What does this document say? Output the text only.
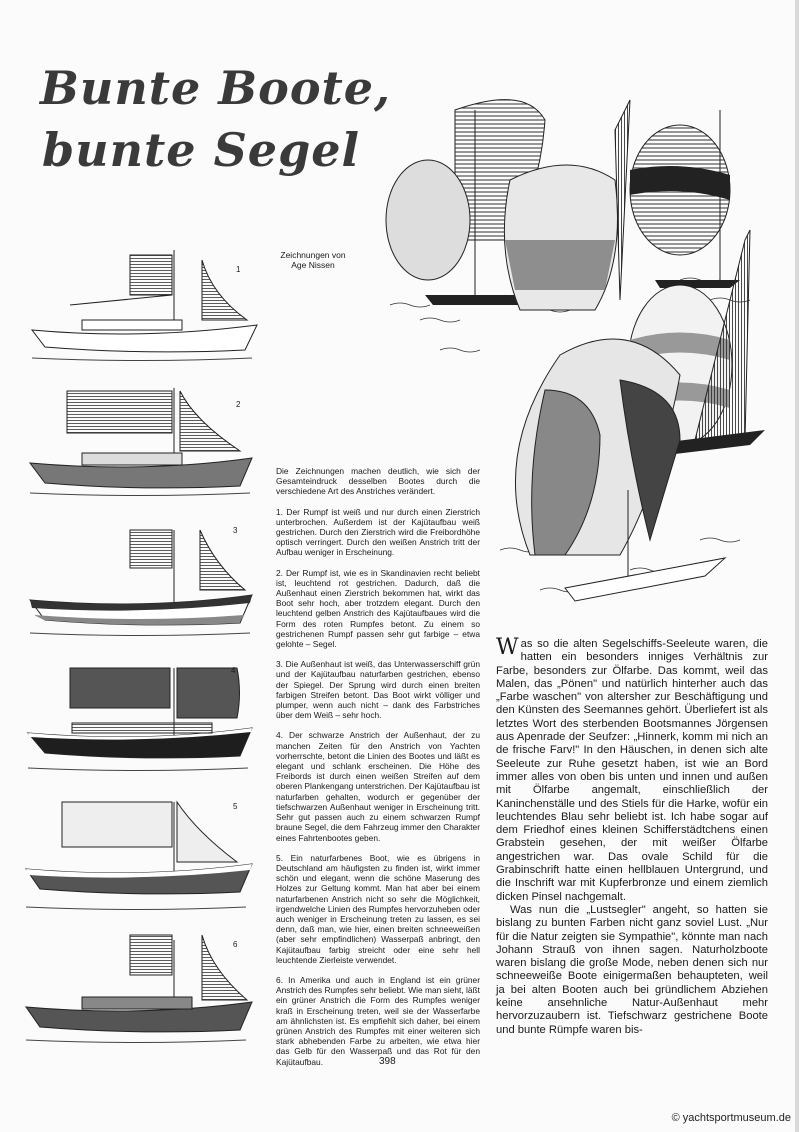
Bunte Boote,
bunte Segel
Zeichnungen von
Age Nissen
1
2
3
4
5
6

Die Zeichnungen machen deutlich, wie sich der Gesamteindruck desselben Bootes durch die verschiedene Art des Anstriches verändert.

1. Der Rumpf ist weiß und nur durch einen Zierstrich unterbrochen. Außerdem ist der Kajütaufbau weiß gestrichen. Durch den Zierstrich wird die Freibordhöhe optisch verringert. Durch den weißen Anstrich tritt der Aufbau weniger in Erscheinung.

2. Der Rumpf ist, wie es in Skandinavien recht beliebt ist, leuchtend rot gestrichen. Dadurch, daß die Außenhaut einen Zierstrich bekommen hat, wirkt das Boot sehr hoch, aber trotzdem elegant. Durch den leuchtend gelben Anstrich des Kajütaufbaues wird die Form des roten Rumpfes betont. Zu einem so gestrichenen Rumpf passen sehr gut farbige – etwa gelohte – Segel.

3. Die Außenhaut ist weiß, das Unterwasserschiff grün und der Kajütaufbau naturfarben gestrichen, ebenso der Spiegel. Der Sprung wird durch einen breiten farbigen Streifen betont. Das Boot wirkt völliger und plumper, wenn auch nicht – dank des Farbstriches über dem Weiß – sehr hoch.

4. Der schwarze Anstrich der Außenhaut, der zu manchen Zeiten für den Anstrich von Yachten vorherrschte, betont die Linien des Bootes und läßt es elegant und schlank erscheinen. Die Höhe des Freibords ist durch einen weißen Streifen auf dem oberen Plankengang unterstrichen. Der Kajütaufbau ist naturfarben gehalten, wodurch er gegenüber der tiefschwarzen Außenhaut weniger in Erscheinung tritt. Sehr gut passen auch zu einem schwarzen Rumpf braune Segel, die dem Fahrzeug immer den Charakter eines Fahrtenbootes geben.

5. Ein naturfarbenes Boot, wie es übrigens in Deutschland am häufigsten zu finden ist, wirkt immer schön und elegant, wenn die schöne Maserung des Holzes zur Geltung kommt. Man hat aber bei einem naturfarbenen Anstrich nicht so sehr die Möglichkeit, irgendwelche Linien des Rumpfes hervorzuheben oder auch weniger in Erscheinung treten zu lassen, es sei denn, daß man, wie hier, einen breiten schneeweißen (aber sehr empfindlichen) Wasserpaß anbringt, den Kajütaufbau farbig streicht oder eine sehr hell leuchtende Zierleiste verwendet.

6. In Amerika und auch in England ist ein grüner Anstrich des Rumpfes sehr beliebt. Wie man sieht, läßt ein grüner Anstrich die Form des Rumpfes weniger kraß in Erscheinung treten, weil sie der Wasserfarbe am ähnlichsten ist. Es empfiehlt sich daher, bei einem grünen Anstrich des Rumpfes mit einer weiteren sich stark abhebenden Farbe zu arbeiten, wie etwa hier das Gelb für den Wasserpaß und das Rot für den Kajütaufbau.

Was so die alten Segelschiffs-Seeleute waren, die hatten ein besonders inniges Verhältnis zur Farbe, besonders zur Ölfarbe. Das kommt, weil das Malen, das „Pönen" und natürlich hinterher auch das „Farbe waschen" von altersher zur Beschäftigung und den Künsten des Seemannes gehört. Überliefert ist als letztes Wort des sterbenden Bootsmannes Jörgensen aus Apenrade der Seufzer: „Hinnerk, komm mi nich an de frische Farv!" In den Häuschen, in denen sich alte Seeleute zur Ruhe gesetzt haben, ist wie an Bord immer alles von oben bis unten und innen und außen mit Ölfarbe angemalt, einschließlich der Kaninchenställe und des Stiels für die Harke, wofür ein leuchtendes Blau sehr beliebt ist. Ich habe sogar auf dem Friedhof eines kleinen Schifferstädtchens einen Grabstein gesehen, der mit weißer Ölfarbe angestrichen war. Das ovale Schild für die Grabinschrift hatte einen hellblauen Untergrund, und die Inschrift war mit Kupferbronze und einem ziemlich dicken Pinsel nachgemalt.

Was nun die „Lustsegler" angeht, so hatten sie bislang zu bunten Farben nicht ganz soviel Lust. „Nur für die Natur zeigten sie Sympathie", könnte man nach Johann Strauß von ihnen sagen. Naturholzboote waren bislang die große Mode, neben denen sich nur schneeweiße Boote einigermaßen behaupteten, weil ja bei alten Booten auch bei gründlichem Abziehen keine ansehnliche Natur-Außenhaut mehr hervorzuzaubern ist. Tiefschwarz gestrichene Boote und bunte Rümpfe waren bis-

398
© yachtsportmuseum.de
